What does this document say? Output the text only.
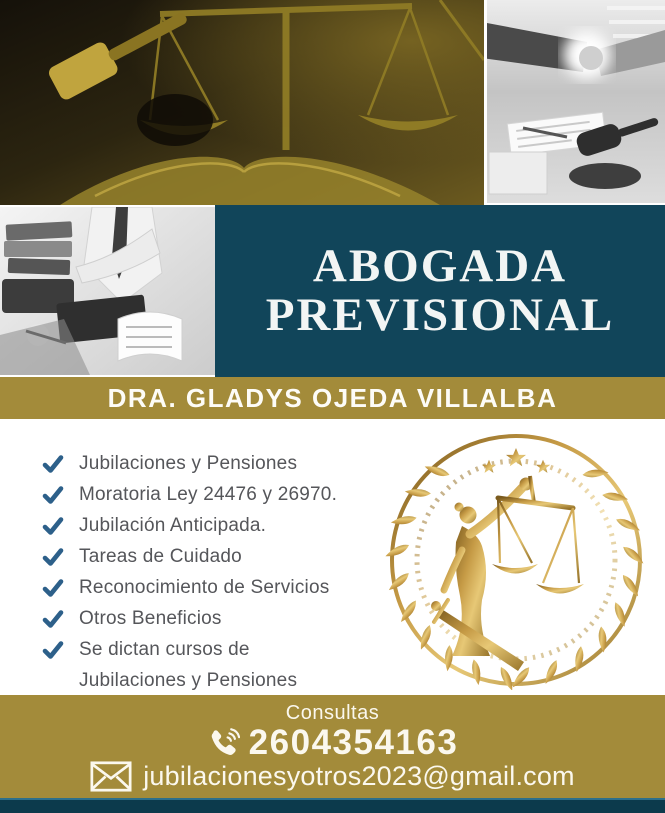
ABOGADA
PREVISIONAL
DRA. GLADYS OJEDA VILLALBA
Jubilaciones y Pensiones
Moratoria Ley 24476 y 26970.
Jubilación Anticipada.
Tareas de Cuidado
Reconocimiento de Servicios
Otros Beneficios
Se dictan cursos de
Jubilaciones y Pensiones
Consultas
2604354163
jubilacionesyotros2023@gmail.com
